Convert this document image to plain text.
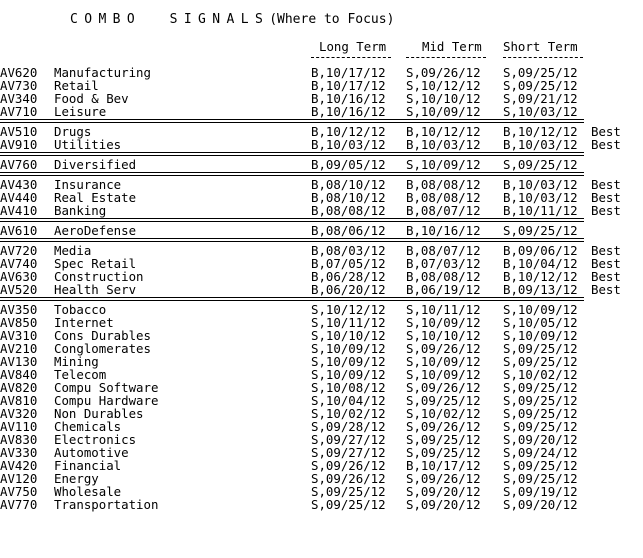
COMBO  SIGNALS(Where to Focus)
Long Term	Mid Term Short Term
AV620 Manufacturing	B,10/17/12 S,09/26/12 S,09/25/12
AV730 Retail	B,10/17/12 S,10/12/12 S,09/25/12
AV340 Food & Bev	B,10/16/12 S,10/10/12 S,09/21/12
AV710 Leisure	B,10/16/12 S,10/09/12 S,10/03/12
AV510 Drugs	B,10/12/12 B,10/12/12 B,10/12/12 Best
AV910 Utilities	B,10/03/12 B,10/03/12 B,10/03/12 Best
AV760 Diversified	B,09/05/12 S,10/09/12 S,09/25/12
AV430 Insurance	B,08/10/12 B,08/08/12 B,10/03/12 Best
AV440 Real Estate	B,08/10/12 B,08/08/12 B,10/03/12 Best
AV410 Banking	B,08/08/12 B,08/07/12 B,10/11/12 Best
AV610 AeroDefense	B,08/06/12 B,10/16/12 S,09/25/12
AV720 Media	B,08/03/12 B,08/07/12 B,09/06/12 Best
AV740 Spec Retail	B,07/05/12 B,07/03/12 B,10/04/12 Best
AV630 Construction	B,06/28/12 B,08/08/12 B,10/12/12 Best
AV520 Health Serv	B,06/20/12 B,06/19/12 B,09/13/12 Best
AV350 Tobacco	S,10/12/12 S,10/11/12 S,10/09/12
AV850 Internet	S,10/11/12 S,10/09/12 S,10/05/12
AV310 Cons Durables	S,10/10/12 S,10/10/12 S,10/09/12
AV210 Conglomerates	S,10/09/12 S,09/26/12 S,09/25/12
AV130 Mining	S,10/09/12 S,10/09/12 S,09/25/12
AV840 Telecom	S,10/09/12 S,10/09/12 S,10/02/12
AV820 Compu Software	S,10/08/12 S,09/26/12 S,09/25/12
AV810 Compu Hardware	S,10/04/12 S,09/25/12 S,09/25/12
AV320 Non Durables	S,10/02/12 S,10/02/12 S,09/25/12
AV110 Chemicals	S,09/28/12 S,09/26/12 S,09/25/12
AV830 Electronics	S,09/27/12 S,09/25/12 S,09/20/12
AV330 Automotive	S,09/27/12 S,09/25/12 S,09/24/12
AV420 Financial	S,09/26/12 B,10/17/12 S,09/25/12
AV120 Energy	S,09/26/12 S,09/26/12 S,09/25/12
AV750 Wholesale	S,09/25/12 S,09/20/12 S,09/19/12
AV770 Transportation	S,09/25/12 S,09/20/12 S,09/20/12
